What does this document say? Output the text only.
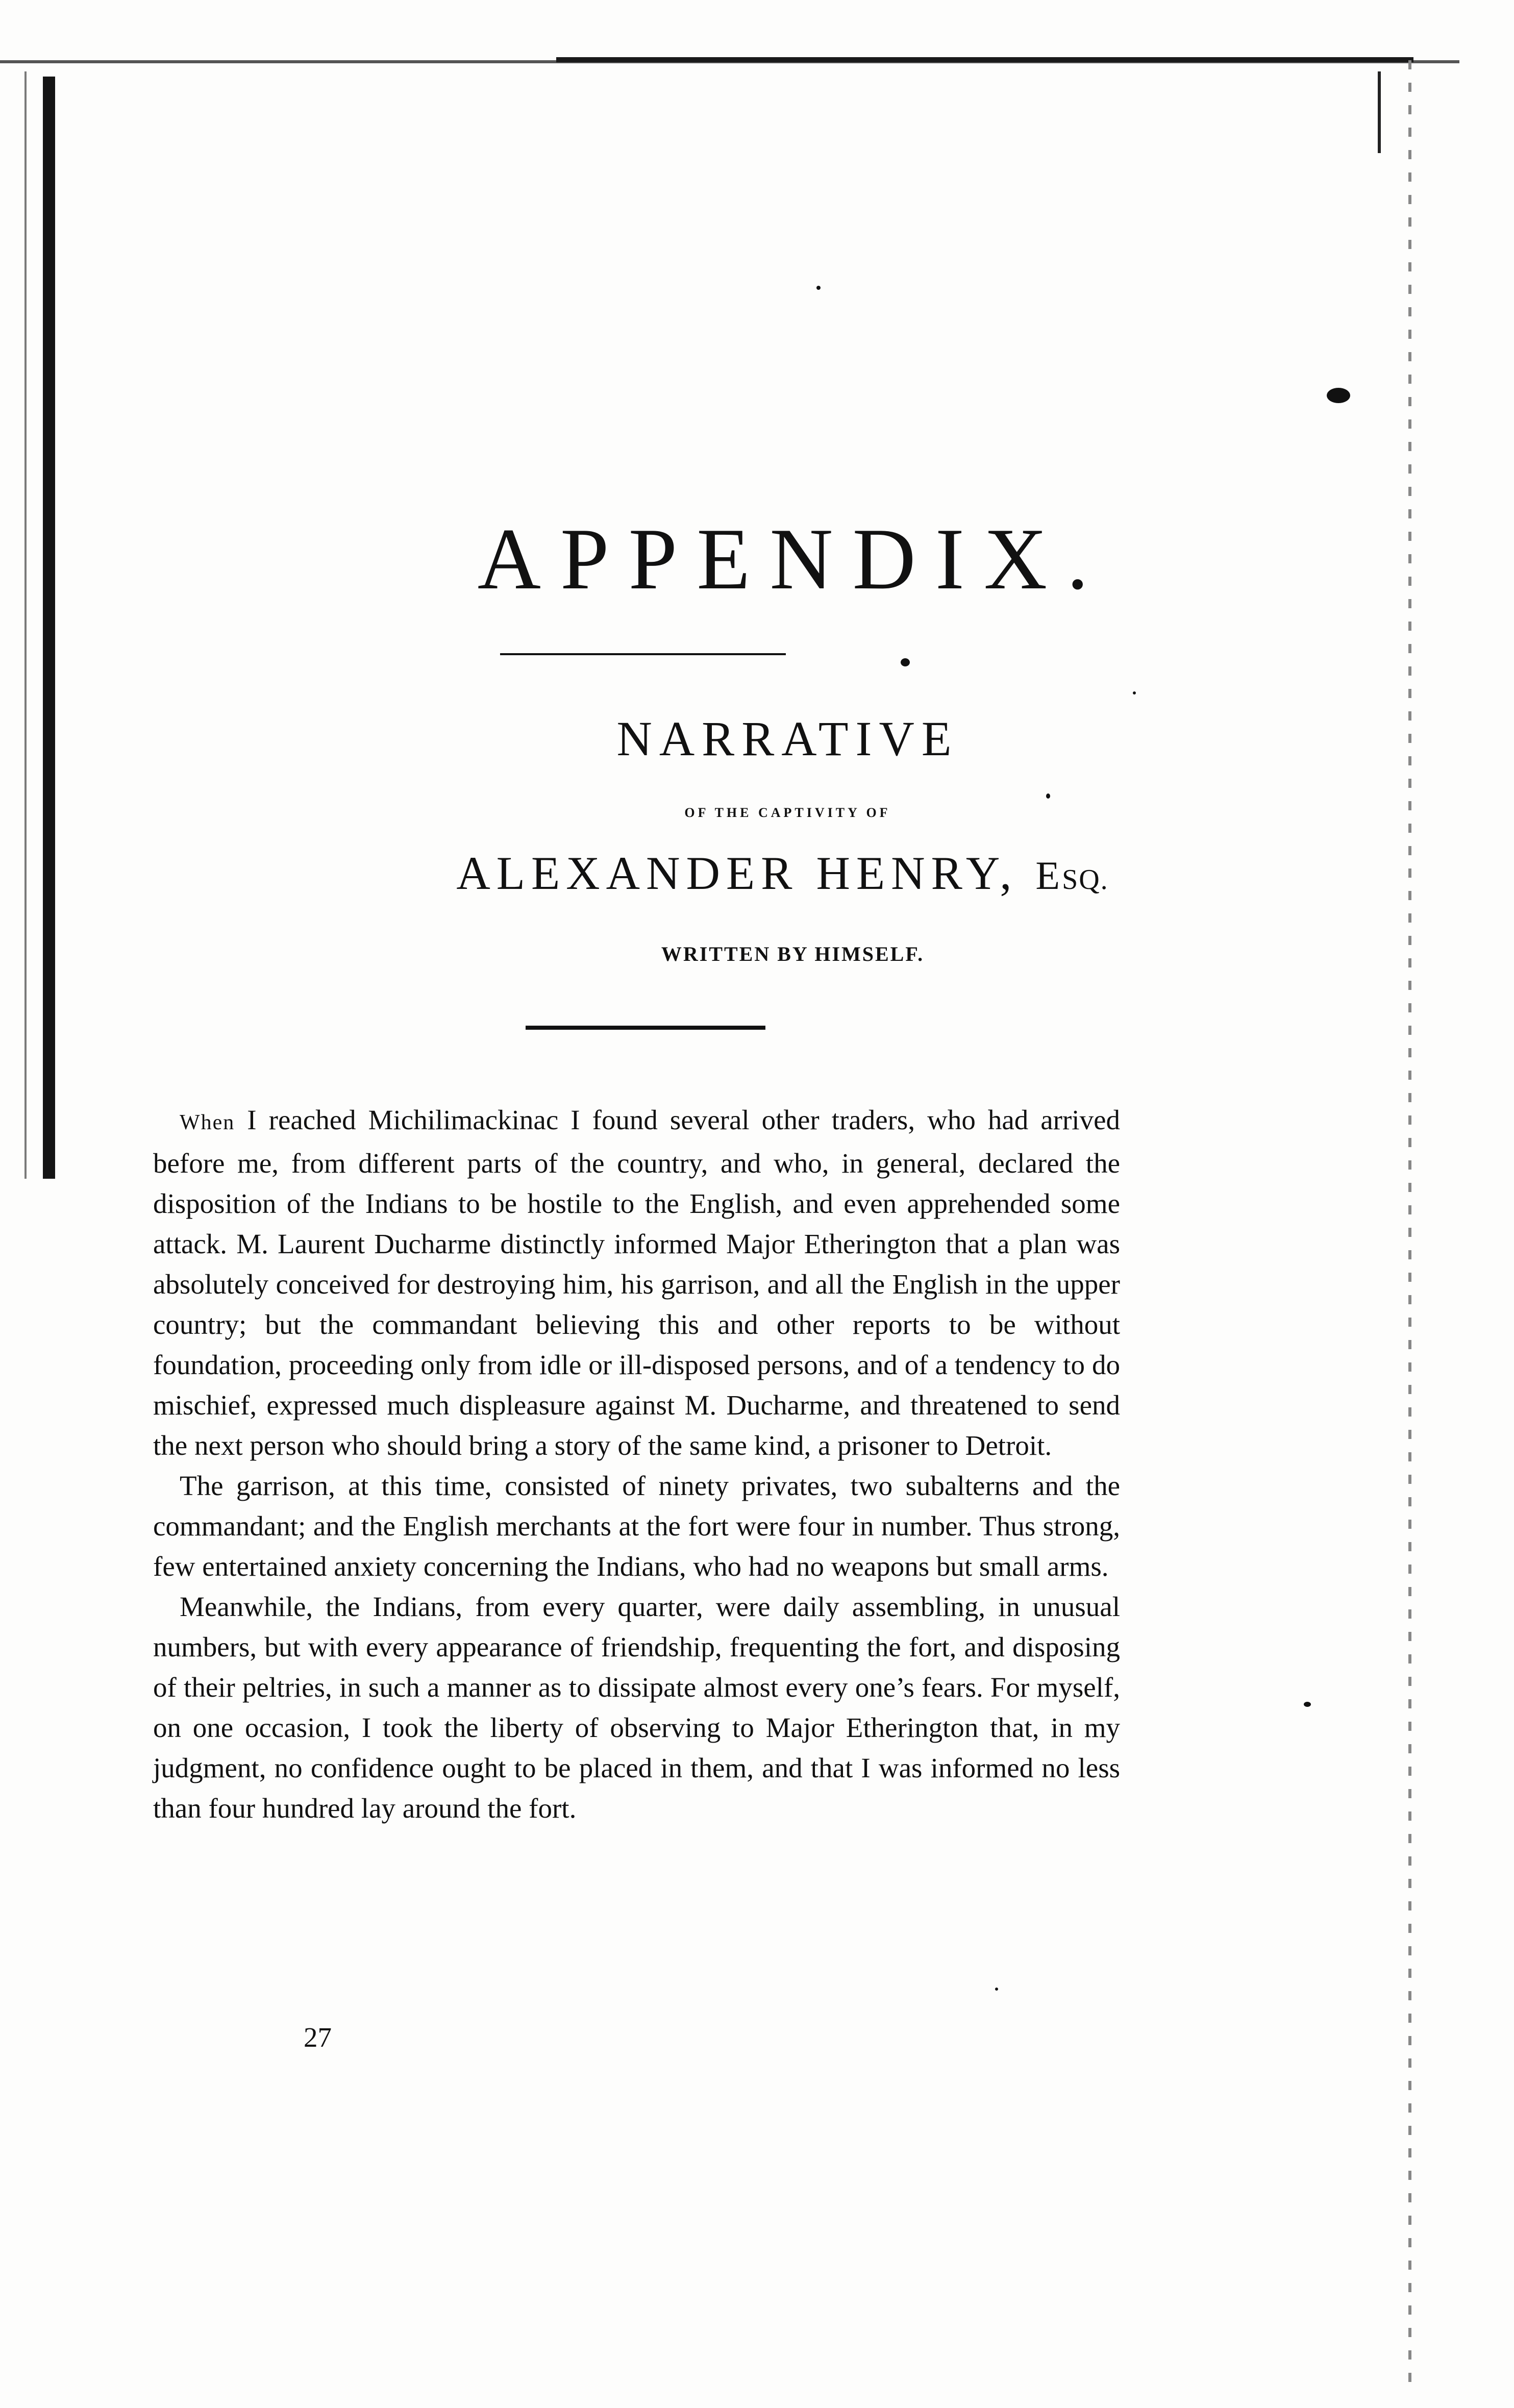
APPENDIX.
NARRATIVE
OF THE CAPTIVITY OF
ALEXANDER HENRY, ESQ.
WRITTEN BY HIMSELF.

When I reached Michilimackinac I found several other traders, who had arrived before me, from different parts of the country, and who, in general, declared the disposition of the Indians to be hostile to the English, and even apprehended some attack. M. Laurent Ducharme distinctly informed Major Etherington that a plan was absolutely conceived for destroying him, his garrison, and all the English in the upper country; but the commandant believing this and other reports to be without foundation, proceeding only from idle or ill-disposed persons, and of a tendency to do mischief, expressed much displeasure against M. Ducharme, and threatened to send the next person who should bring a story of the same kind, a prisoner to Detroit.

The garrison, at this time, consisted of ninety privates, two subalterns and the commandant; and the English merchants at the fort were four in number. Thus strong, few entertained anxiety concerning the Indians, who had no weapons but small arms.

Meanwhile, the Indians, from every quarter, were daily assembling, in unusual numbers, but with every appearance of friendship, frequenting the fort, and disposing of their peltries, in such a manner as to dissipate almost every one’s fears. For myself, on one occasion, I took the liberty of observing to Major Etherington that, in my judgment, no confidence ought to be placed in them, and that I was informed no less than four hundred lay around the fort.

27
